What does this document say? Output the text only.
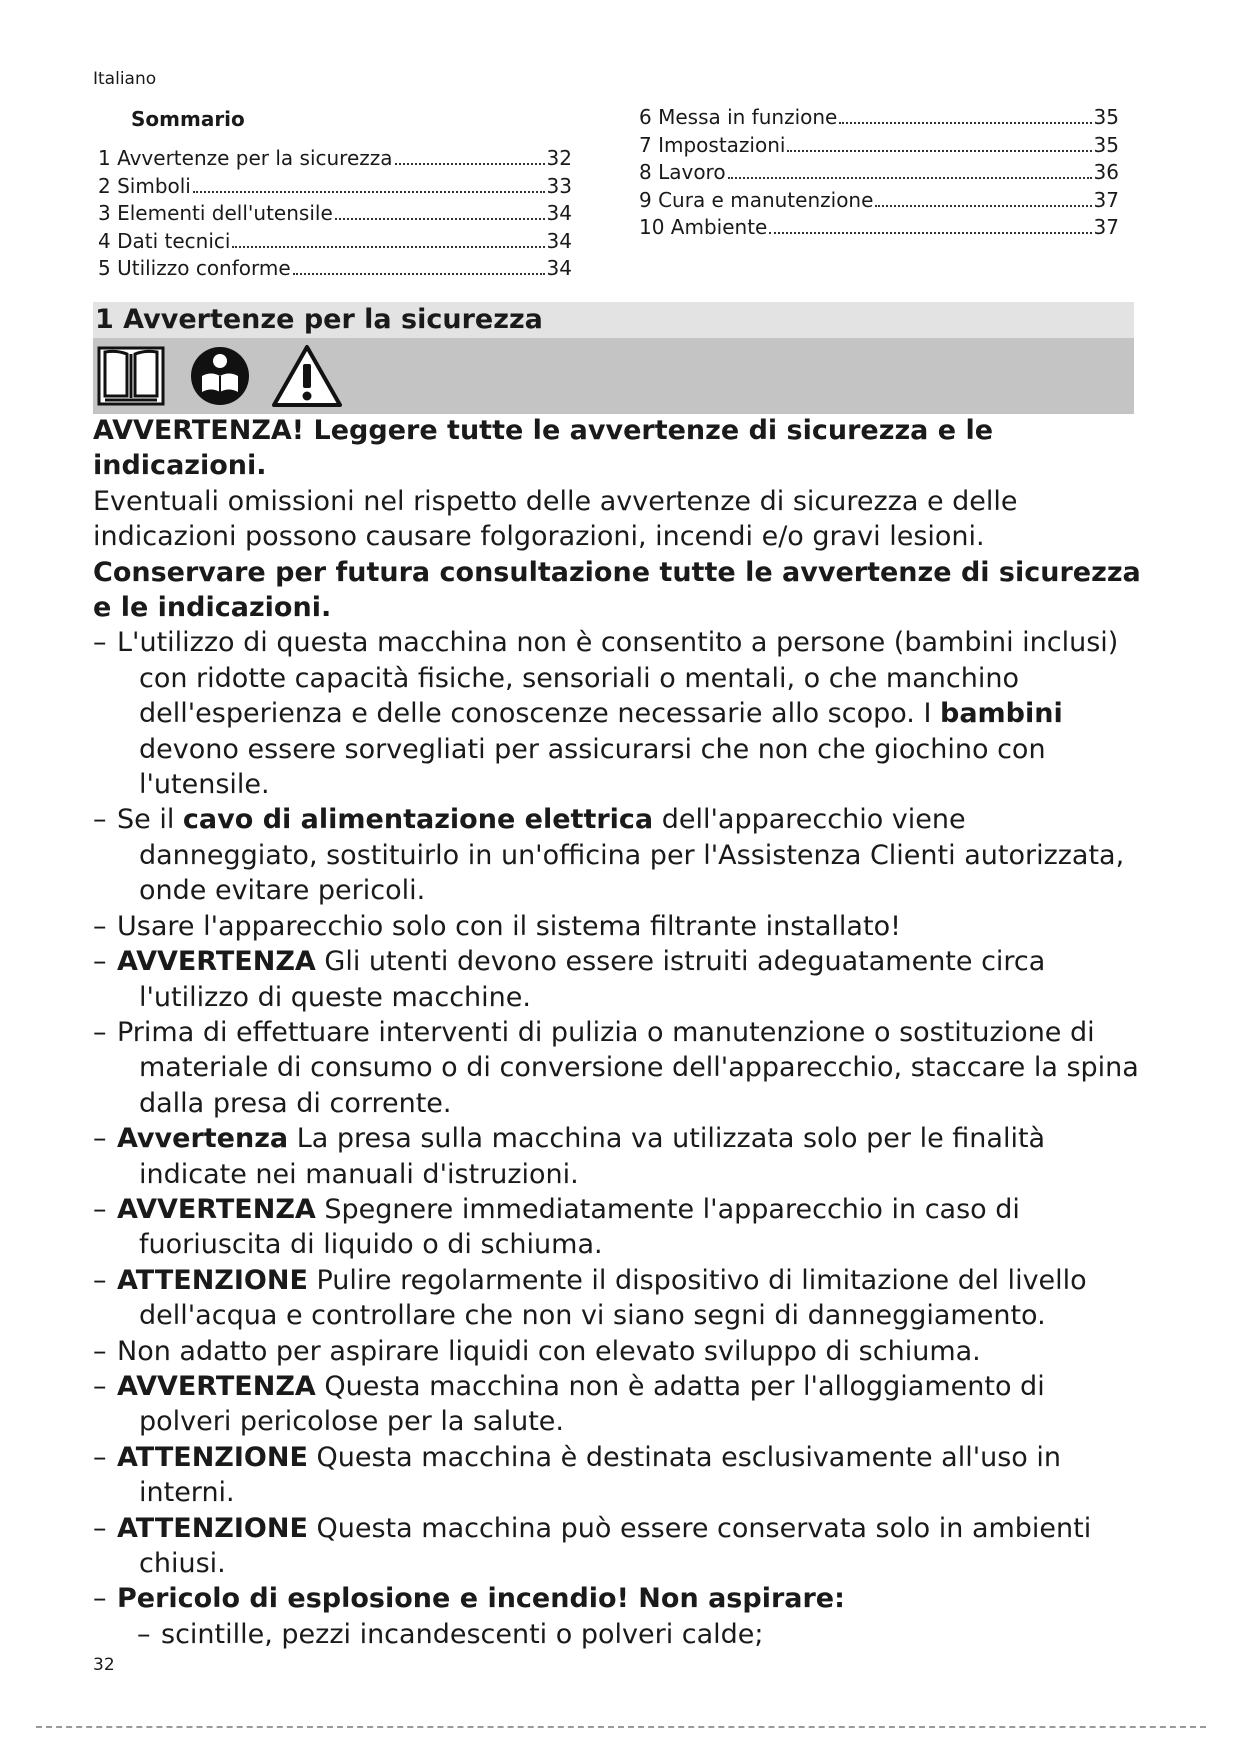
Italiano
Sommario
1 Avvertenze per la sicurezza	32
2 Simboli	33
3 Elementi dell'utensile	34
4 Dati tecnici	34
5 Utilizzo conforme	34
6 Messa in funzione	35
7 Impostazioni	35
8 Lavoro	36
9 Cura e manutenzione	37
10 Ambiente	37
1 Avvertenze per la sicurezza

AVVERTENZA! Leggere tutte le avvertenze di sicurezza e le indicazioni.

Eventuali omissioni nel rispetto delle avvertenze di sicurezza e delle indicazioni possono causare folgorazioni, incendi e/o gravi lesioni.

Conservare per futura consultazione tutte le avvertenze di sicurezza e le indicazioni.

– L'utilizzo di questa macchina non è consentito a persone (bambini inclusi) con ridotte capacità fisiche, sensoriali o mentali, o che manchino dell'esperienza e delle conoscenze necessarie allo scopo. I bambini devono essere sorvegliati per assicurarsi che non che giochino con l'utensile.
– Se il cavo di alimentazione elettrica dell'apparecchio viene danneggiato, sostituirlo in un'officina per l'Assistenza Clienti autorizzata, onde evitare pericoli.
– Usare l'apparecchio solo con il sistema filtrante installato!
– AVVERTENZA Gli utenti devono essere istruiti adeguatamente circa l'utilizzo di queste macchine.
– Prima di effettuare interventi di pulizia o manutenzione o sostituzione di materiale di consumo o di conversione dell'apparecchio, staccare la spina dalla presa di corrente.
– Avvertenza La presa sulla macchina va utilizzata solo per le finalità indicate nei manuali d'istruzioni.
– AVVERTENZA Spegnere immediatamente l'apparecchio in caso di fuoriuscita di liquido o di schiuma.
– ATTENZIONE Pulire regolarmente il dispositivo di limitazione del livello dell'acqua e controllare che non vi siano segni di danneggiamento.
– Non adatto per aspirare liquidi con elevato sviluppo di schiuma.
– AVVERTENZA Questa macchina non è adatta per l'alloggiamento di polveri pericolose per la salute.
– ATTENZIONE Questa macchina è destinata esclusivamente all'uso in interni.
– ATTENZIONE Questa macchina può essere conservata solo in ambienti chiusi.
– Pericolo di esplosione e incendio! Non aspirare:
– scintille, pezzi incandescenti o polveri calde;
32
